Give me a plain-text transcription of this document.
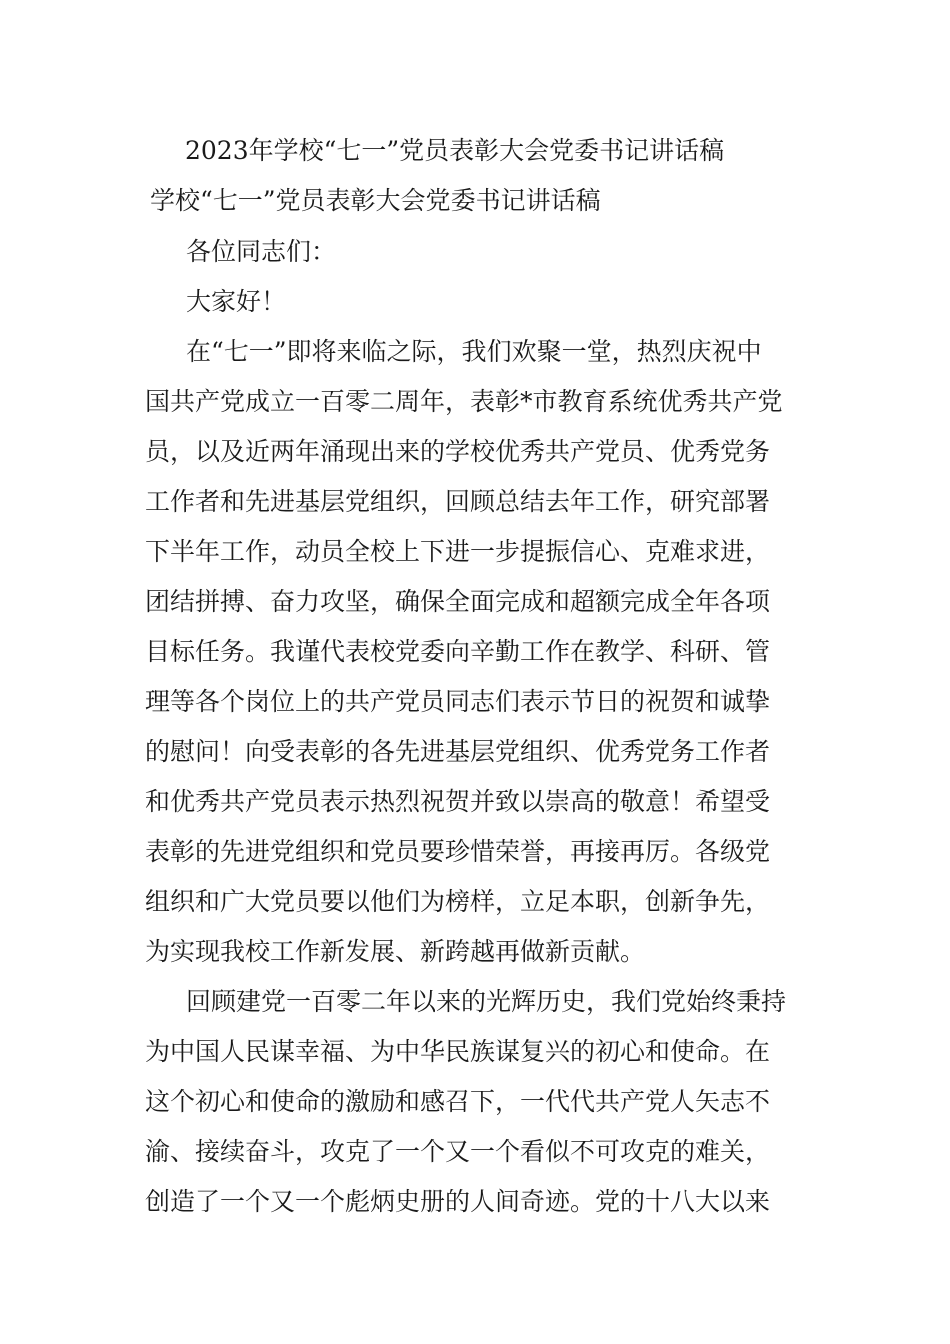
2023年学校“七一”党员表彰大会党委书记讲话稿
学校“七一”党员表彰大会党委书记讲话稿
各位同志们：
大家好！
在“七一”即将来临之际，我们欢聚一堂，热烈庆祝中
国共产党成立一百零二周年，表彰*市教育系统优秀共产党
员，以及近两年涌现出来的学校优秀共产党员、优秀党务
工作者和先进基层党组织，回顾总结去年工作，研究部署
下半年工作，动员全校上下进一步提振信心、克难求进，
团结拼搏、奋力攻坚，确保全面完成和超额完成全年各项
目标任务。我谨代表校党委向辛勤工作在教学、科研、管
理等各个岗位上的共产党员同志们表示节日的祝贺和诚挚
的慰问！向受表彰的各先进基层党组织、优秀党务工作者
和优秀共产党员表示热烈祝贺并致以崇高的敬意！希望受
表彰的先进党组织和党员要珍惜荣誉，再接再厉。各级党
组织和广大党员要以他们为榜样，立足本职，创新争先，
为实现我校工作新发展、新跨越再做新贡献。
回顾建党一百零二年以来的光辉历史，我们党始终秉持
为中国人民谋幸福、为中华民族谋复兴的初心和使命。在
这个初心和使命的激励和感召下，一代代共产党人矢志不
渝、接续奋斗，攻克了一个又一个看似不可攻克的难关，
创造了一个又一个彪炳史册的人间奇迹。党的十八大以来
